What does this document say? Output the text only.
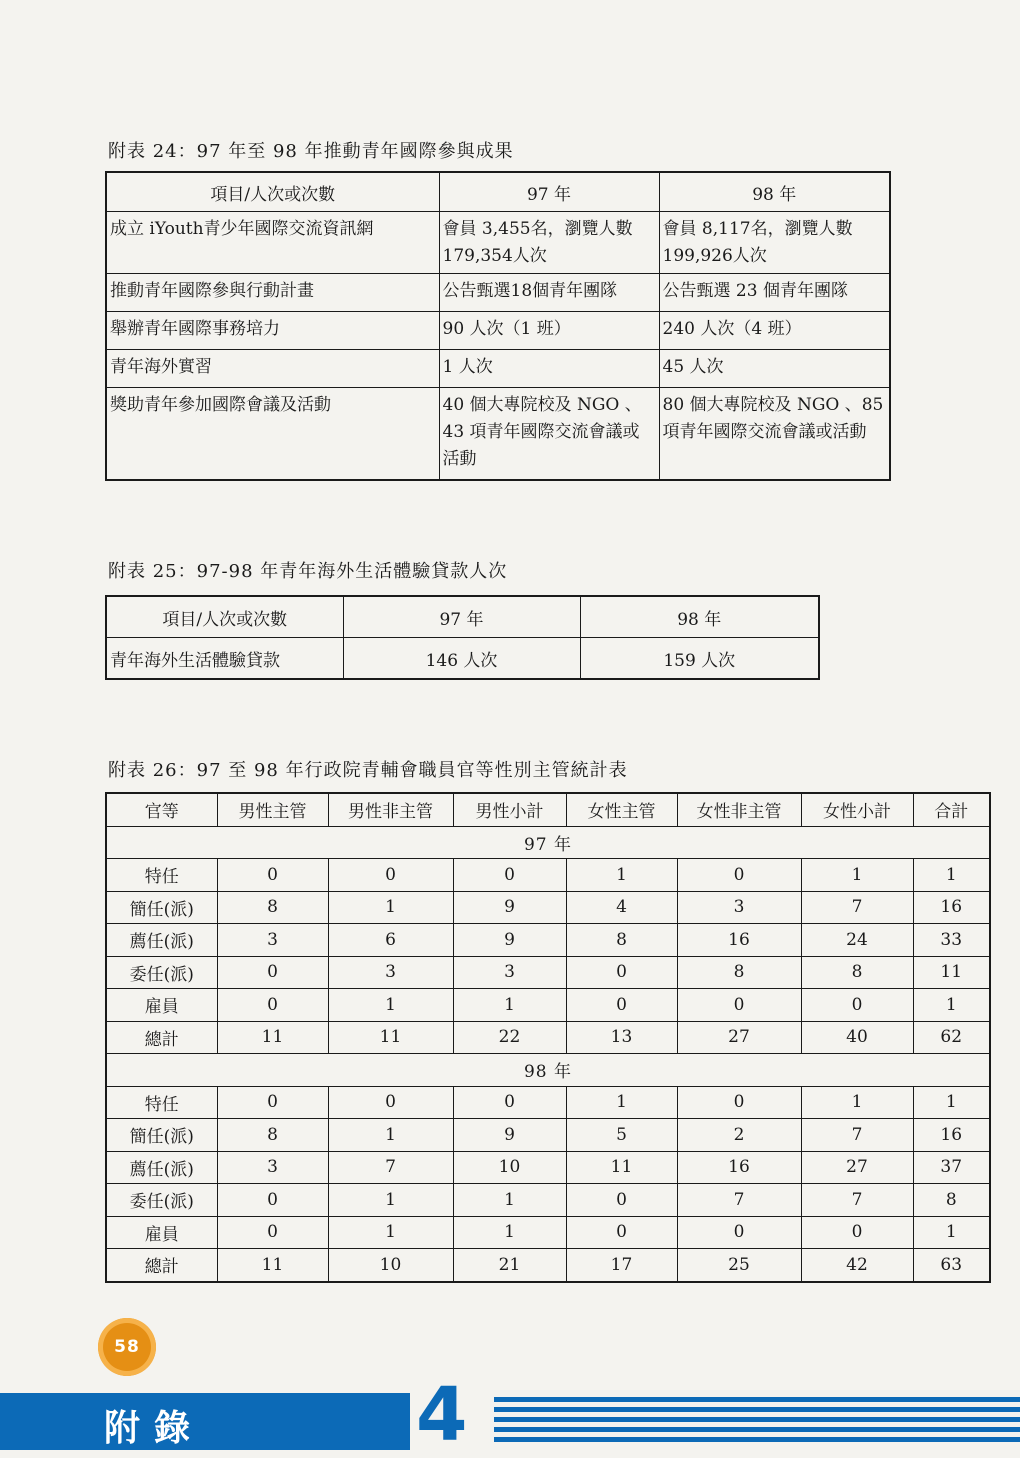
附表 24：97 年至 98 年推動青年國際參與成果
項目/人次或次數	97 年	98 年
成立 iYouth青少年國際交流資訊網	會員 3,455名，瀏覽人數 179,354人次	會員 8,117名，瀏覽人數 199,926人次
推動青年國際參與行動計畫	公告甄選18個青年團隊	公告甄選 23 個青年團隊
舉辦青年國際事務培力	90 人次（1 班）	240 人次（4 班）
青年海外實習	1 人次	45 人次
獎助青年參加國際會議及活動	40 個大專院校及 NGO 、43 項青年國際交流會議或活動	80 個大專院校及 NGO 、85 項青年國際交流會議或活動
附表 25：97-98 年青年海外生活體驗貸款人次
項目/人次或次數	97 年	98 年
青年海外生活體驗貸款	146 人次	159 人次
附表 26：97 至 98 年行政院青輔會職員官等性別主管統計表
官等	男性主管	男性非主管	男性小計	女性主管	女性非主管	女性小計	合計
97 年							
特任	0	0	0	1	0	1	1
簡任(派)	8	1	9	4	3	7	16
薦任(派)	3	6	9	8	16	24	33
委任(派)	0	3	3	0	8	8	11
雇員	0	1	1	0	0	0	1
總計	11	11	22	13	27	40	62
98 年							
特任	0	0	0	1	0	1	1
簡任(派)	8	1	9	5	2	7	16
薦任(派)	3	7	10	11	16	27	37
委任(派)	0	1	1	0	7	7	8
雇員	0	1	1	0	0	0	1
總計	11	10	21	17	25	42	63
58
附錄	4
